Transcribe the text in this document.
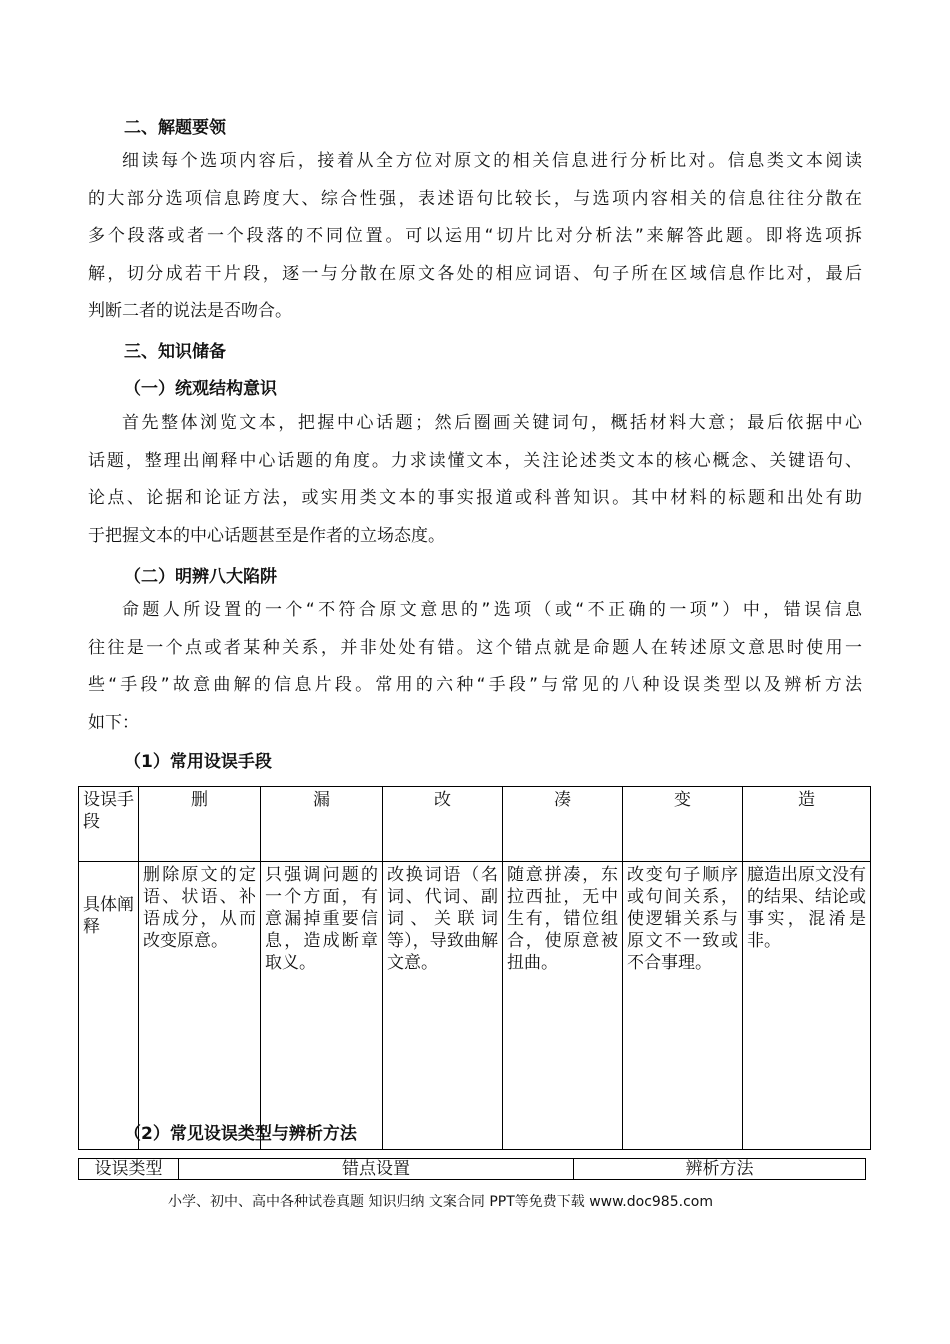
二、解题要领
细读每个选项内容后，接着从全方位对原文的相关信息进行分析比对。信息类文本阅读
的大部分选项信息跨度大、综合性强，表述语句比较长，与选项内容相关的信息往往分散在
多个段落或者一个段落的不同位置。可以运用“切片比对分析法”来解答此题。即将选项拆
解，切分成若干片段，逐一与分散在原文各处的相应词语、句子所在区域信息作比对，最后
判断二者的说法是否吻合。
三、知识储备
（一）统观结构意识
首先整体浏览文本，把握中心话题；然后圈画关键词句，概括材料大意；最后依据中心
话题，整理出阐释中心话题的角度。力求读懂文本，关注论述类文本的核心概念、关键语句、
论点、论据和论证方法，或实用类文本的事实报道或科普知识。其中材料的标题和出处有助
于把握文本的中心话题甚至是作者的立场态度。
（二）明辨八大陷阱
命题人所设置的一个“不符合原文意思的”选项（或“不正确的一项”）中，错误信息
往往是一个点或者某种关系，并非处处有错。这个错点就是命题人在转述原文意思时使用一
些“手段”故意曲解的信息片段。常用的六种“手段”与常见的八种设误类型以及辨析方法
如下：
（1）常用设误手段
设误手段	删	漏	改	凑	变	造
具体阐释	删除原文的定语、状语、补语成分，从而改变原意。	只强调问题的一个方面，有意漏掉重要信息，造成断章取义。	改换词语（名词、代词、副词、关联词等），导致曲解文意。	随意拼凑，东拉西扯，无中生有，错位组合，使原意被扭曲。	改变句子顺序或句间关系，使逻辑关系与原文不一致或不合事理。	臆造出原文没有的结果、结论或事实，混淆是非。
（2）常见设误类型与辨析方法
设误类型	错点设置	辨析方法
小学、初中、高中各种试卷真题 知识归纳 文案合同 PPT等免费下载 www.doc985.com
